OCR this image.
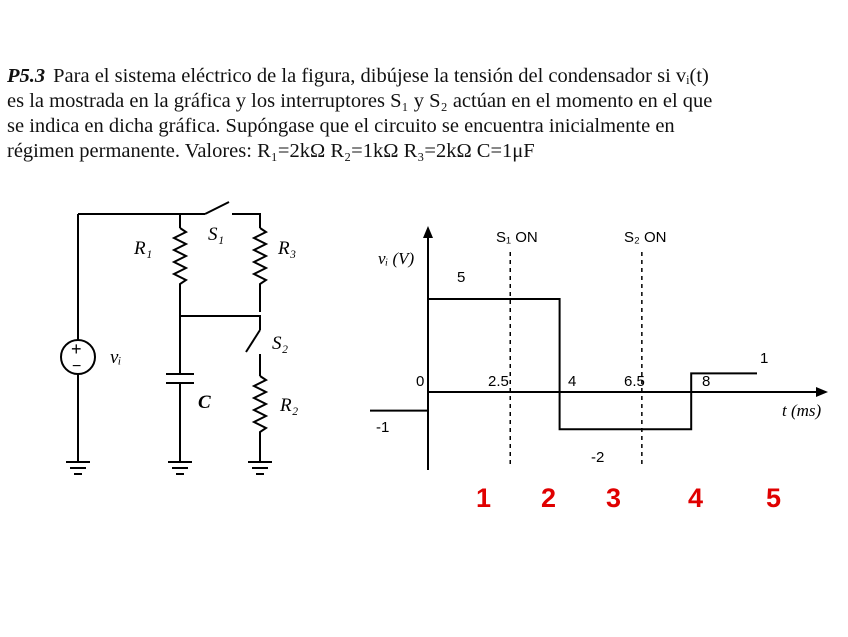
P5.3 Para el sistema eléctrico de la figura, dibújese la tensión del condensador si vᵢ(t)
es la mostrada en la gráfica y los interruptores S₁ y S₂ actúan en el momento en el que
se indica en dicha gráfica. Supóngase que el circuito se encuentra inicialmente en
régimen permanente. Valores: R₁=2kΩ R₂=1kΩ R₃=2kΩ C=1μF
+
− vᵢ
R₁	R₃
S₁
S₂
C	R₂
vᵢ (V)
t (ms)
S₁ ON	S₂ ON
5
0	2.5	4	6.5	8
1
-1
-2
1 2 3 4 5
